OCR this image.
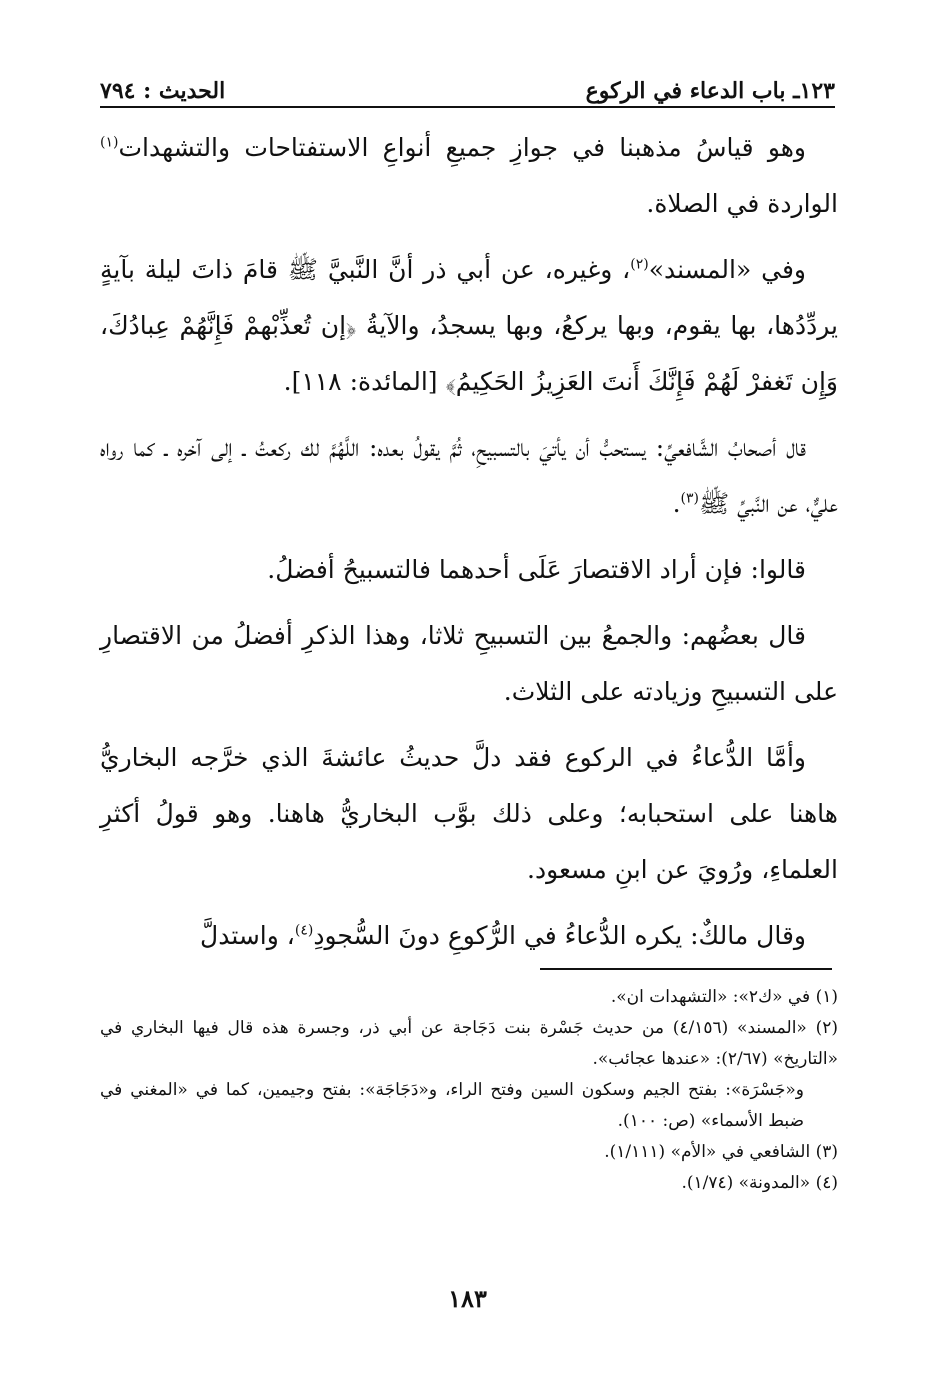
١٢٣ـ باب الدعاء في الركوع
الحديث : ٧٩٤

وهو قياسُ مذهبنا في جوازِ جميعِ أنواعِ الاستفتاحات والتشهدات$^{(١)}$ الواردة في الصلاة.

وفي «المسند»$^{(٢)}$، وغيره، عن أبي ذر أنَّ النَّبيَّ ﷺ قامَ ذاتَ ليلة بآيةٍ يردِّدُها، بها يقوم، وبها يركعُ، وبها يسجدُ، والآيةُ ﴿إن تُعذِّبْهمْ فَإِنَّهُمْ عِبادُكَ، وَإِن تَغفرْ لَهُمْ فَإِنَّكَ أَنتَ العَزِيزُ الحَكِيمُ﴾ [المائدة: ١١٨].

قال أصحابُ الشَّافعيِّ: يستحبُّ أن يأتيَ بالتسبيحِ، ثُمَّ يقولُ بعده: اللَّهُمَّ لك ركعتُ ـ إلى آخره ـ كما رواه عليٌّ، عن النَّبيِّ ﷺ$^{(٣)}$.

قالوا: فإن أراد الاقتصارَ عَلَى أحدهما فالتسبيحُ أفضلُ.

قال بعضُهم: والجمعُ بين التسبيحِ ثلاثا، وهذا الذكرِ أفضلُ من الاقتصارِ على التسبيحِ وزيادته على الثلاث.

وأمَّا الدُّعاءُ في الركوع فقد دلَّ حديثُ عائشةَ الذي خرَّجه البخاريُّ هاهنا على استحبابه؛ وعلى ذلك بوَّب البخاريُّ هاهنا. وهو قولُ أكثرِ العلماءِ، ورُويَ عن ابنِ مسعود.

وقال مالكٌ: يكره الدُّعاءُ في الرُّكوعِ دونَ السُّجودِ$^{(٤)}$، واستدلَّ

(١) في «ك٢»: «التشهدات ان».

(٢) «المسند» (٤/١٥٦) من حديث جَسْرة بنت دَجَاجة عن أبي ذر، وجسرة هذه قال فيها البخاري في «التاريخ» (٢/٦٧): «عندها عجائب».

و«جَسْرَة»: بفتح الجيم وسكون السين وفتح الراء، و«دَجَاجَة»: بفتح وجيمين، كما في «المغني في ضبط الأسماء» (ص: ١٠٠).

(٣) الشافعي في «الأم» (١/١١١).

(٤) «المدونة» (١/٧٤).

١٨٣
